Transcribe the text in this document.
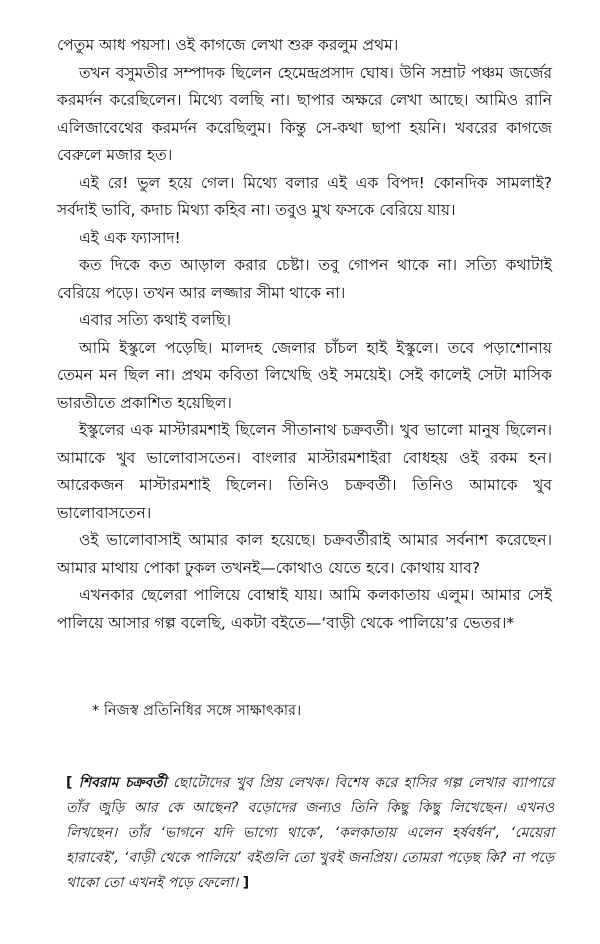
পেতুম আধ পয়সা। ওই কাগজে লেখা শুরু করলুম প্রথম।

তখন বসুমতীর সম্পাদক ছিলেন হেমেন্দ্রপ্রসাদ ঘোষ। উনি সম্রাট পঞ্চম জর্জের করমর্দন করেছিলেন। মিথ্যে বলছি না। ছাপার অক্ষরে লেখা আছে। আমিও রানি এলিজাবেথের করমর্দন করেছিলুম। কিন্তু সে-কথা ছাপা হয়নি। খবরের কাগজে বেরুলে মজার হত।

এই রে! ভুল হয়ে গেল। মিথ্যে বলার এই এক বিপদ! কোনদিক সামলাই? সর্বদাই ভাবি, কদাচ মিথ্যা কহিব না। তবুও মুখ ফসকে বেরিয়ে যায়।

এই এক ফ্যাসাদ!

কত দিকে কত আড়াল করার চেষ্টা। তবু গোপন থাকে না। সত্যি কথাটাই বেরিয়ে পড়ে। তখন আর লজ্জার সীমা থাকে না।

এবার সত্যি কথাই বলছি।

আমি ইস্কুলে পড়েছি। মালদহ জেলার চাঁচল হাই ইস্কুলে। তবে পড়াশোনায় তেমন মন ছিল না। প্রথম কবিতা লিখেছি ওই সময়েই। সেই কালেই সেটা মাসিক ভারতীতে প্রকাশিত হয়েছিল।

ইস্কুলের এক মাস্টারমশাই ছিলেন সীতানাথ চক্রবর্তী। খুব ভালো মানুষ ছিলেন। আমাকে খুব ভালোবাসতেন। বাংলার মাস্টারমশাইরা বোধহয় ওই রকম হন। আরেকজন মাস্টারমশাই ছিলেন। তিনিও চক্রবর্তী। তিনিও আমাকে খুব ভালোবাসতেন।

ওই ভালোবাসাই আমার কাল হয়েছে। চক্রবর্তীরাই আমার সর্বনাশ করেছেন। আমার মাথায় পোকা ঢুকল তখনই—কোথাও যেতে হবে। কোথায় যাব?

এখনকার ছেলেরা পালিয়ে বোম্বাই যায়। আমি কলকাতায় এলুম। আমার সেই পালিয়ে আসার গল্প বলেছি, একটা বইতে—‘বাড়ী থেকে পালিয়ে’র ভেতর।*

* নিজস্ব প্রতিনিধির সঙ্গে সাক্ষাৎকার।
[ শিবরাম চক্রবর্তী ছোটোদের খুব প্রিয় লেখক। বিশেষ করে হাসির গল্প লেখার ব্যাপারে তাঁর জুড়ি আর কে আছেন? বড়োদের জন্যও তিনি কিছু কিছু লিখেছেন। এখনও লিখছেন। তাঁর ‘ভাগনে যদি ভাগ্যে থাকে’, ‘কলকাতায় এলেন হর্ষবর্ধন’, ‘মেয়েরা হারাবেই’, ‘বাড়ী থেকে পালিয়ে’ বইগুলি তো খুবই জনপ্রিয়। তোমরা পড়েছ কি? না পড়ে থাকো তো এখনই পড়ে ফেলো। ]
